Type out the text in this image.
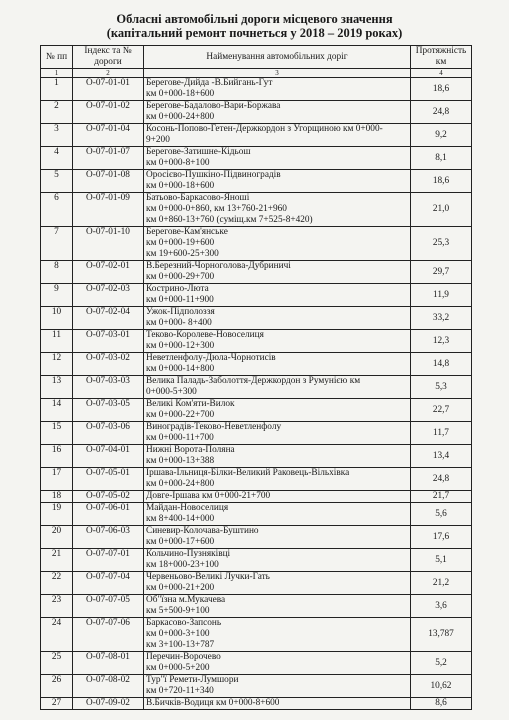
Обласні автомобільні дороги місцевого значення
(капітальний ремонт почнеться у 2018 – 2019 роках)
№ пп	Індекс та № дороги	Найменування автомобільних доріг	Протяжність км
1	2	3	4
1	О-07-01-01	Берегове-Дийда -В.Бийгань-Гут
км 0+000-18+600	18,6
2	О-07-01-02	Берегове-Бадалово-Вари-Боржава
км 0+000-24+800	24,8
3	О-07-01-04	Косонь-Попово-Гетен-Держкордон з Угорщиною км 0+000-
9+200	9,2
4	О-07-01-07	Берегове-Затишне-Кідьош
км 0+000-8+100	8,1
5	О-07-01-08	Оросієво-Пушкіно-Підвиноградів
км 0+000-18+600	18,6
6	О-07-01-09	Батьово-Баркасово-Яноші
км 0+000-0+860, км 13+760-21+960
км 0+860-13+760 (суміщ.км 7+525-8+420)	21,0
7	О-07-01-10	Берегове-Кам'янське
км 0+000-19+600
км 19+600-25+300	25,3
8	О-07-02-01	В.Березний-Чорноголова-Дубриничі
км 0+000-29+700	29,7
9	О-07-02-03	Кострино-Люта
км 0+000-11+900	11,9
10	О-07-02-04	Ужок-Підполоззя
км 0+000- 8+400	33,2
11	О-07-03-01	Теково-Королеве-Новоселиця
км 0+000-12+300	12,3
12	О-07-03-02	Неветленфолу-Дюла-Чорнотисів
км 0+000-14+800	14,8
13	О-07-03-03	Велика Паладь-Заболоття-Держкордон з Румунією км
0+000-5+300	5,3
14	О-07-03-05	Великі Ком'яти-Вилок
км 0+000-22+700	22,7
15	О-07-03-06	Виноградів-Теково-Неветленфолу
км 0+000-11+700	11,7
16	О-07-04-01	Нижні Ворота-Поляна
км 0+000-13+388	13,4
17	О-07-05-01	Іршава-Ільниця-Білки-Великий Раковець-Вільхівка
км 0+000-24+800	24,8
18	О-07-05-02	Довге-Іршава км 0+000-21+700	21,7
19	О-07-06-01	Майдан-Новоселиця
км 8+400-14+000	5,6
20	О-07-06-03	Синевир-Колочава-Буштино
км 0+000-17+600	17,6
21	О-07-07-01	Кольчино-Пузняківці
км 18+000-23+100	5,1
22	О-07-07-04	Червеньово-Великі Лучки-Гать
км 0+000-21+200	21,2
23	О-07-07-05	Об"їзна м.Мукачева
км 5+500-9+100	3,6
24	О-07-07-06	Баркасово-Запсонь
км 0+000-3+100
км 3+100-13+787	13,787
25	О-07-08-01	Перечин-Ворочево
км 0+000-5+200	5,2
26	О-07-08-02	Тур"ї Ремети-Лумшори
км 0+720-11+340	10,62
27	О-07-09-02	В.Бичків-Водиця км 0+000-8+600	8,6
